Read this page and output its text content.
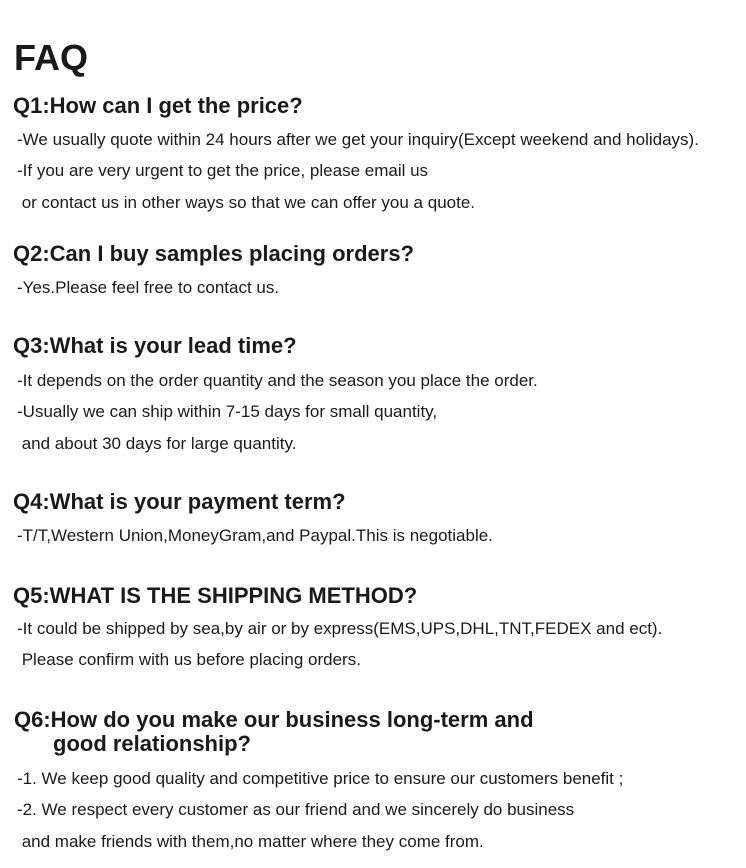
FAQ
Q1:How can I get the price?

-We usually quote within 24 hours after we get your inquiry(Except weekend and holidays).

-If you are very urgent to get the price, please email us

or contact us in other ways so that we can offer you a quote.

Q2:Can I buy samples placing orders?

-Yes.Please feel free to contact us.

Q3:What is your lead time?

-It depends on the order quantity and the season you place the order.

-Usually we can ship within 7-15 days for small quantity,

and about 30 days for large quantity.

Q4:What is your payment term?

-T/T,Western Union,MoneyGram,and Paypal.This is negotiable.

Q5:WHAT IS THE SHIPPING METHOD?

-It could be shipped by sea,by air or by express(EMS,UPS,DHL,TNT,FEDEX and ect).

Please confirm with us before placing orders.

Q6:How do you make our business long-term and
good relationship?

-1. We keep good quality and competitive price to ensure our customers benefit ;

-2. We respect every customer as our friend and we sincerely do business

and make friends with them,no matter where they come from.
